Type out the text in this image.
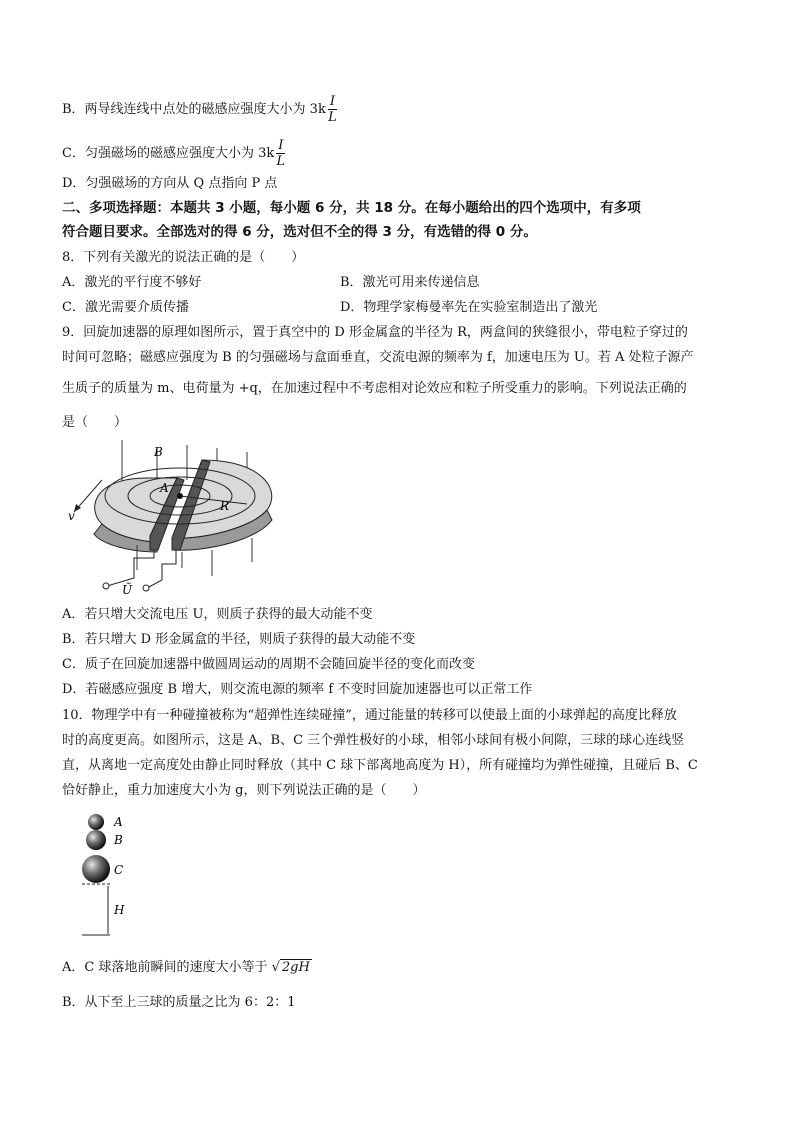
B．两导线连线中点处的磁感应强度大小为 $3k \frac{I}{L}$
C．匀强磁场的磁感应强度大小为 $3k \frac{I}{L}$
D．匀强磁场的方向从 Q 点指向 P 点
二、多项选择题：本题共 3 小题，每小题 6 分，共 18 分。在每小题给出的四个选项中，有多项
符合题目要求。全部选对的得 6 分，选对但不全的得 3 分，有选错的得 0 分。
8．下列有关激光的说法正确的是（　　）
A．激光的平行度不够好	B．激光可用来传递信息
C．激光需要介质传播	D．物理学家梅曼率先在实验室制造出了激光
9．回旋加速器的原理如图所示，置于真空中的 D 形金属盒的半径为 R，两盒间的狭缝很小，带电粒子穿过的
时间可忽略；磁感应强度为 B 的匀强磁场与盒面垂直，交流电源的频率为 f，加速电压为 U。若 A 处粒子源产
生质子的质量为 m、电荷量为 +q，在加速过程中不考虑相对论效应和粒子所受重力的影响。下列说法正确的
是（　　）
B
A
R
v
Ũ
A．若只增大交流电压 U，则质子获得的最大动能不变
B．若只增大 D 形金属盒的半径，则质子获得的最大动能不变
C．质子在回旋加速器中做圆周运动的周期不会随回旋半径的变化而改变
D．若磁感应强度 B 增大，则交流电源的频率 f 不变时回旋加速器也可以正常工作
10．物理学中有一种碰撞被称为“超弹性连续碰撞”，通过能量的转移可以使最上面的小球弹起的高度比释放
时的高度更高。如图所示，这是 A、B、C 三个弹性极好的小球，相邻小球间有极小间隙，三球的球心连线竖
直，从离地一定高度处由静止同时释放（其中 C 球下部离地高度为 H），所有碰撞均为弹性碰撞，且碰后 B、C
恰好静止，重力加速度大小为 g，则下列说法正确的是（　　）
A
B
C
H
A．C 球落地前瞬间的速度大小等于 √ 2gH
B．从下至上三球的质量之比为 6：2：1
